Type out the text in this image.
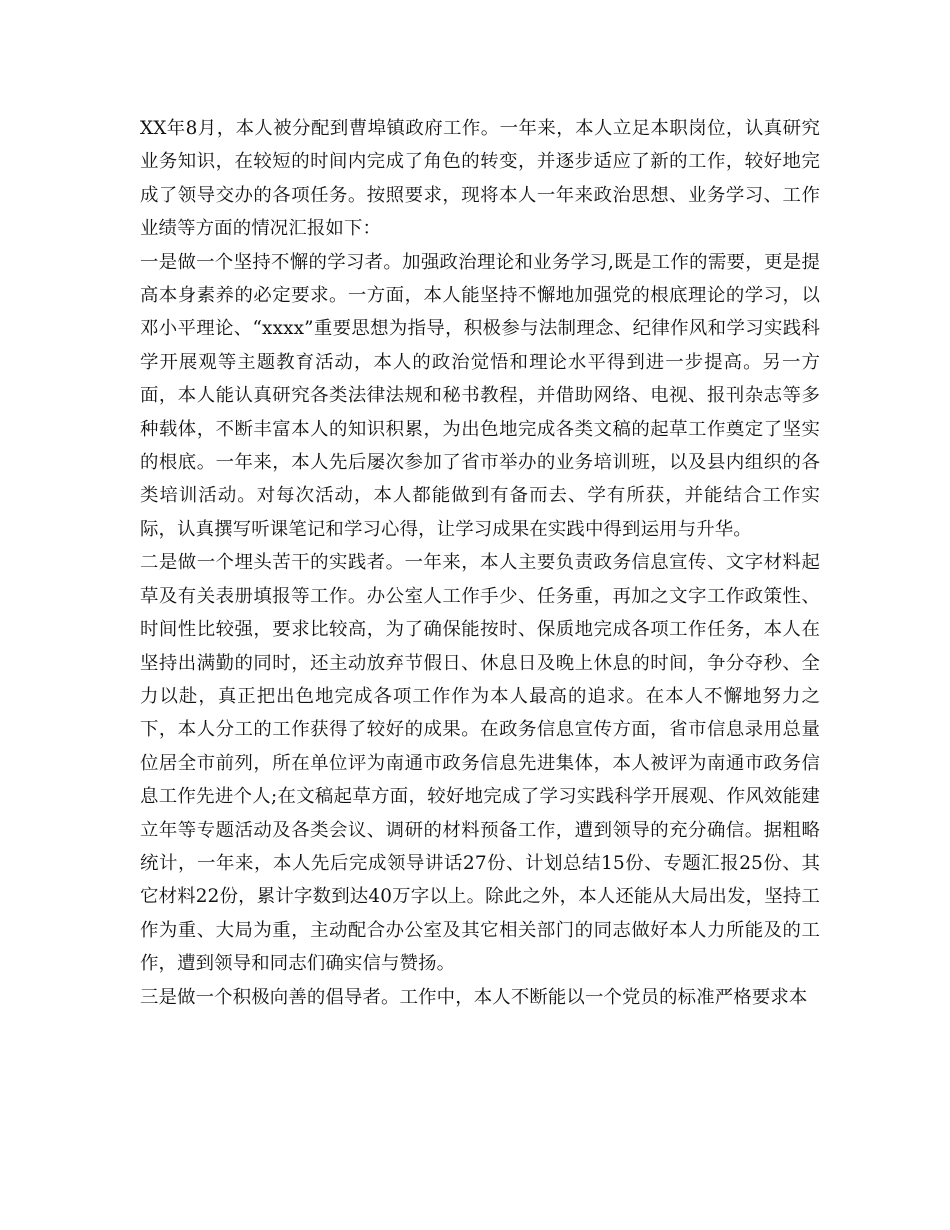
XX年8月，本人被分配到曹埠镇政府工作。一年来，本人立足本职岗位，认真研究业务知识，在较短的时间内完成了角色的转变，并逐步适应了新的工作，较好地完成了领导交办的各项任务。按照要求，现将本人一年来政治思想、业务学习、工作业绩等方面的情况汇报如下：

一是做一个坚持不懈的学习者。加强政治理论和业务学习,既是工作的需要，更是提高本身素养的必定要求。一方面，本人能坚持不懈地加强党的根底理论的学习，以邓小平理论、“xxxx”重要思想为指导，积极参与法制理念、纪律作风和学习实践科学开展观等主题教育活动，本人的政治觉悟和理论水平得到进一步提高。另一方面，本人能认真研究各类法律法规和秘书教程，并借助网络、电视、报刊杂志等多种载体，不断丰富本人的知识积累，为出色地完成各类文稿的起草工作奠定了坚实的根底。一年来，本人先后屡次参加了省市举办的业务培训班，以及县内组织的各类培训活动。对每次活动，本人都能做到有备而去、学有所获，并能结合工作实际，认真撰写听课笔记和学习心得，让学习成果在实践中得到运用与升华。

二是做一个埋头苦干的实践者。一年来，本人主要负责政务信息宣传、文字材料起草及有关表册填报等工作。办公室人工作手少、任务重，再加之文字工作政策性、时间性比较强，要求比较高，为了确保能按时、保质地完成各项工作任务，本人在坚持出满勤的同时，还主动放弃节假日、休息日及晚上休息的时间，争分夺秒、全力以赴，真正把出色地完成各项工作作为本人最高的追求。在本人不懈地努力之下，本人分工的工作获得了较好的成果。在政务信息宣传方面，省市信息录用总量位居全市前列，所在单位评为南通市政务信息先进集体，本人被评为南通市政务信息工作先进个人;在文稿起草方面，较好地完成了学习实践科学开展观、作风效能建立年等专题活动及各类会议、调研的材料预备工作，遭到领导的充分确信。据粗略统计，一年来，本人先后完成领导讲话27份、计划总结15份、专题汇报25份、其它材料22份，累计字数到达40万字以上。除此之外，本人还能从大局出发，坚持工作为重、大局为重，主动配合办公室及其它相关部门的同志做好本人力所能及的工作，遭到领导和同志们确实信与赞扬。

三是做一个积极向善的倡导者。工作中，本人不断能以一个党员的标准严格要求本
